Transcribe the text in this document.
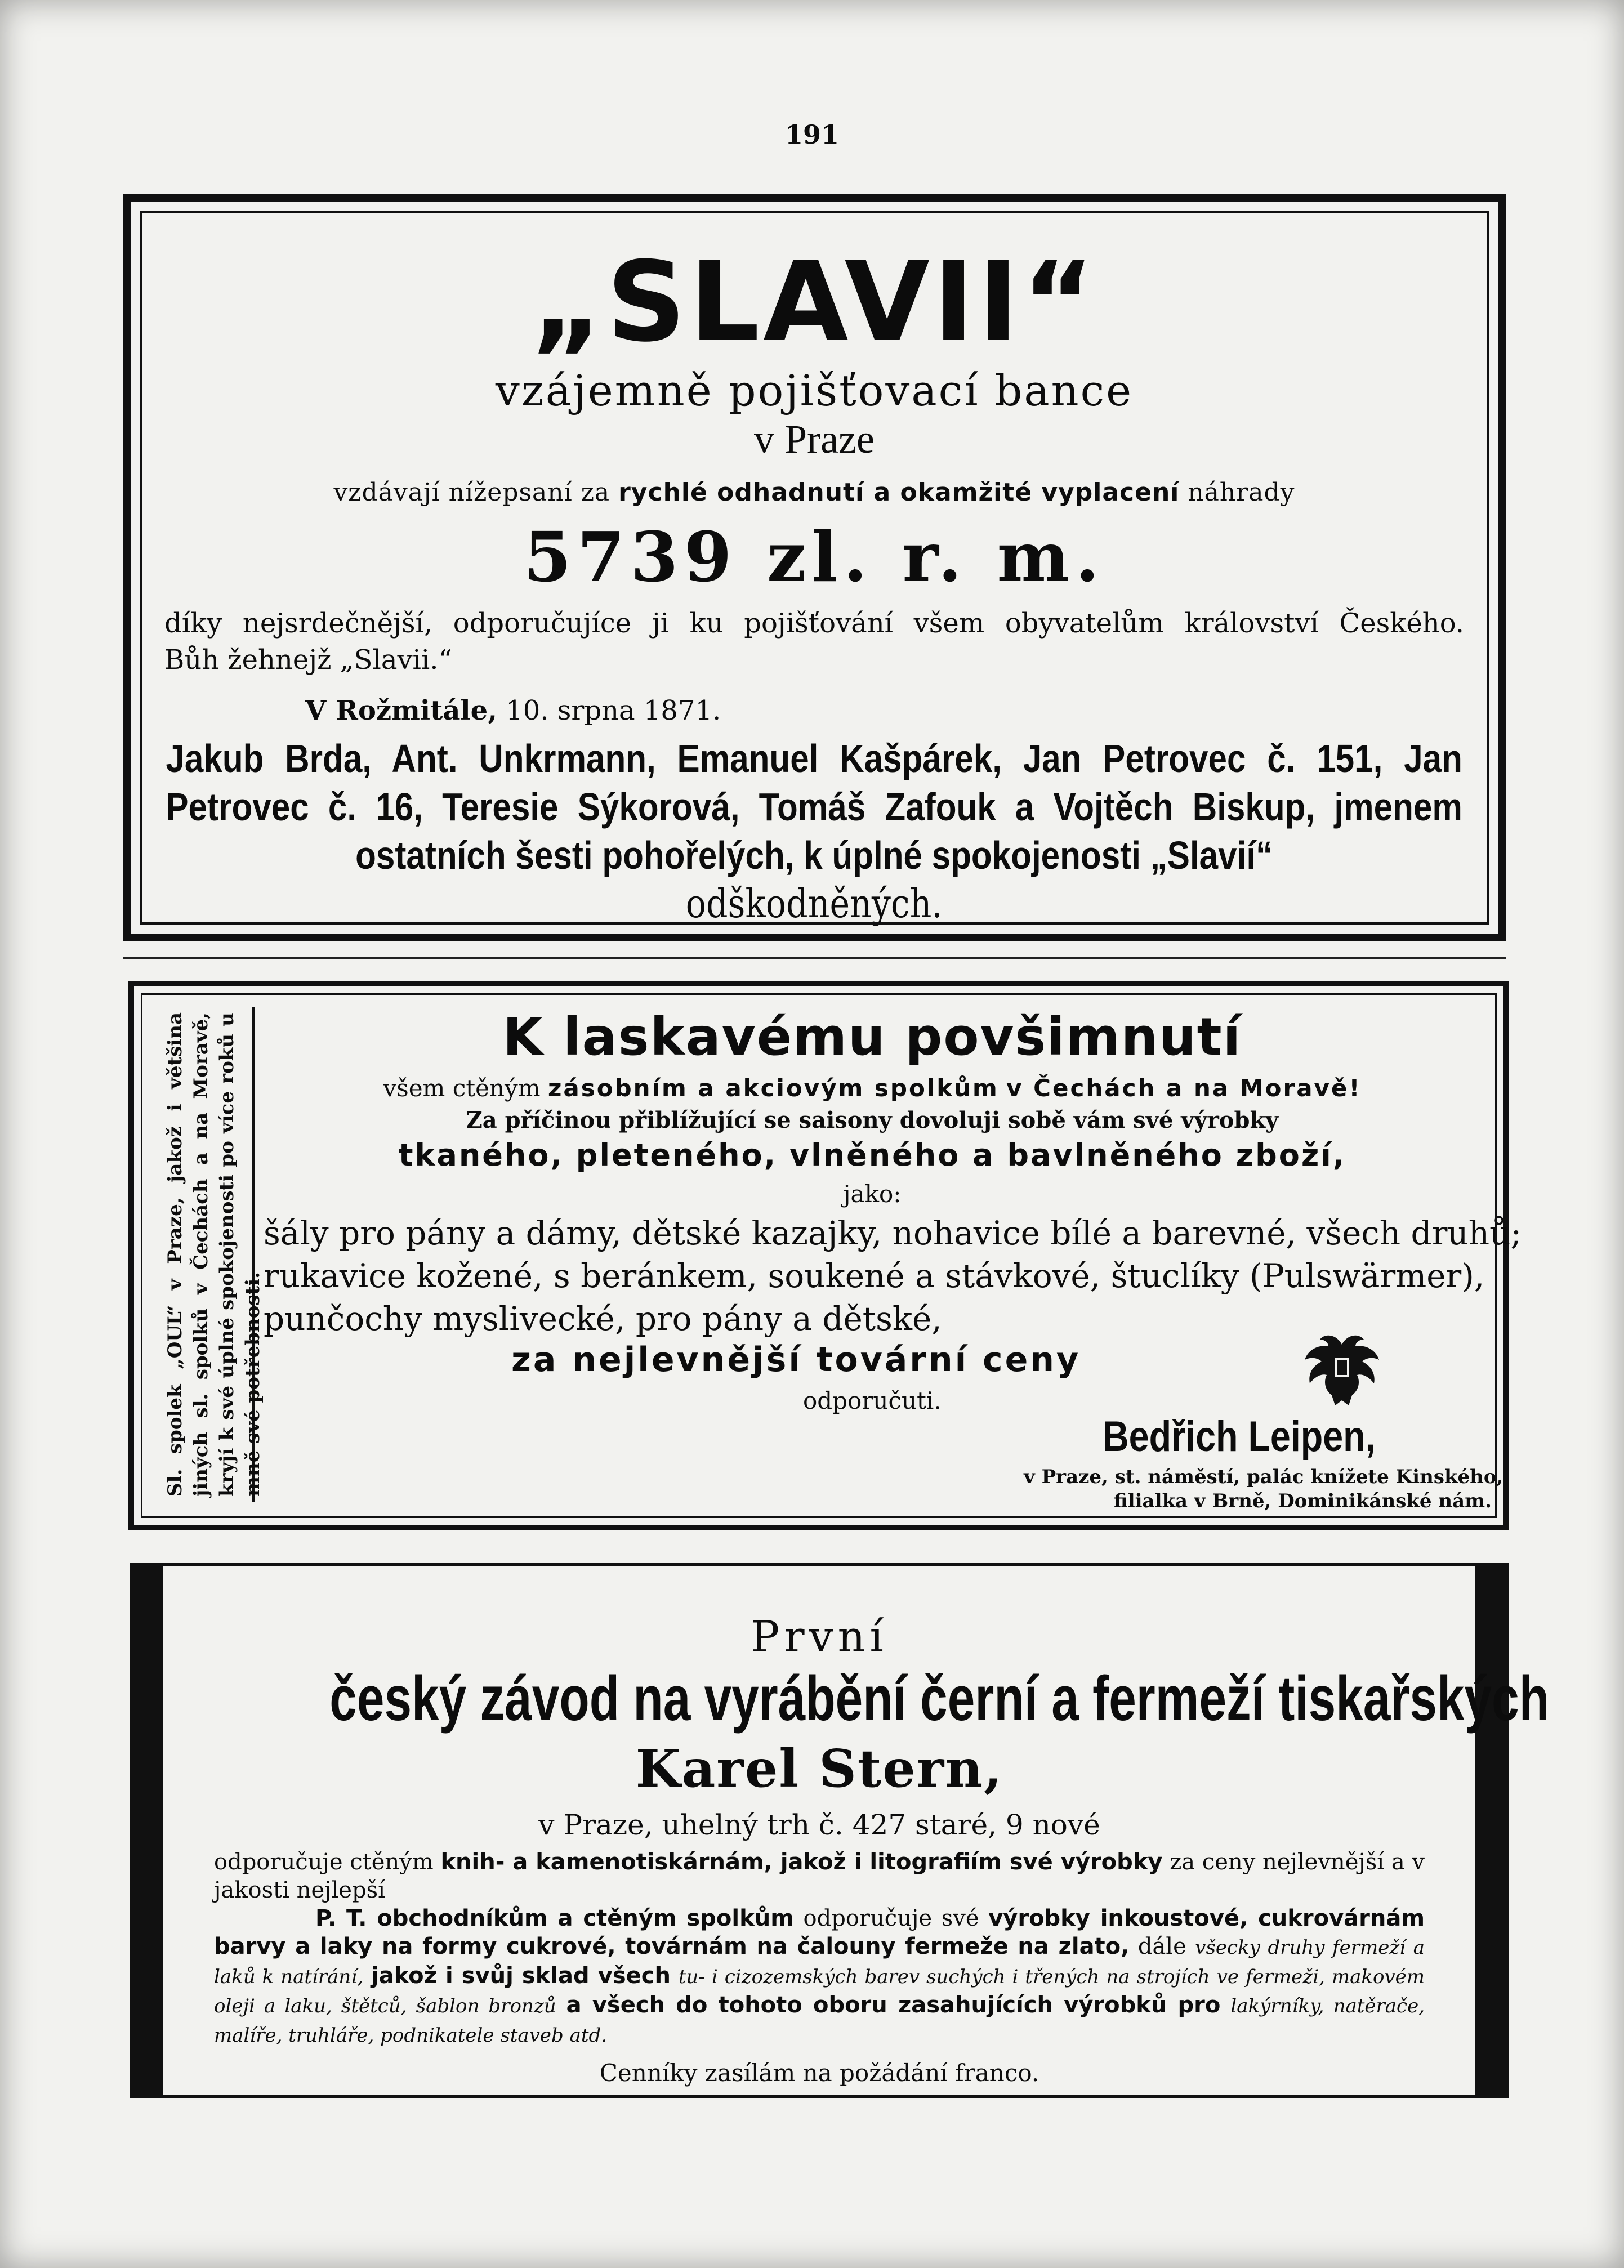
191
„SLAVII“
vzájemně pojišťovací bance
v Praze
vzdávají nížepsaní za rychlé odhadnutí a okamžité vyplacení náhrady
5739 zl. r. m.
díky nejsrdečnější, odporučujíce ji ku pojišťování všem obyvatelům království Českého.
Bůh žehnejž „Slavii.“
V Rožmitále, 10. srpna 1871.
Jakub Brda, Ant. Unkrmann, Emanuel Kašpárek, Jan Petrovec č. 151, Jan Petrovec č. 16, Teresie Sýkorová, Tomáš Zafouk a Vojtěch Biskup, jmenem ostatních šesti pohořelých, k úplné spokojenosti „Slavií“
odškodněných.
Sl. spolek „OUL“ v Praze, jakož i většina jiných sl. spolků v Čechách a na Moravě, kryjí k své úplné spokojenosti po více roků u mně své potřebnosti.
K laskavému povšimnutí
všem ctěným zásobním a akciovým spolkům v Čechách a na Moravě!
Za příčinou přiblížující se saisony dovoluji sobě vám své výrobky
tkaného, pleteného, vlněného a bavlněného zboží,
jako:
šály pro pány a dámy, dětské kazajky, nohavice bílé a barevné, všech druhů;
rukavice kožené, s beránkem, soukené a stávkové, štuclíky (Pulswärmer),
punčochy myslivecké, pro pány a dětské,
za nejlevnější tovární ceny
odporučuti.
Bedřich Leipen,
v Praze, st. náměstí, palác knížete Kinského,
filialka v Brně, Dominikánské nám.
První
český závod na vyrábění černí a fermeží tiskařských
Karel Stern,
v Praze, uhelný trh č. 427 staré, 9 nové
odporučuje ctěným knih- a kamenotiskárnám, jakož i litografiím své výrobky za ceny nejlevnější a v jakosti nejlepší
P. T. obchodníkům a ctěným spolkům odporučuje své výrobky inkoustové, cukrovárnám barvy a laky na formy cukrové, továrnám na čalouny fermeže na zlato, dále všecky druhy fermeží a laků k natírání, jakož i svůj sklad všech tu- i cizozemských barev suchých i třených na strojích ve fermeži, makovém oleji a laku, štětců, šablon bronzů a všech do tohoto oboru zasahujících výrobků pro lakýrníky, natěrače, malíře, truhláře, podnikatele staveb atd.
Cenníky zasílám na požádání franco.
